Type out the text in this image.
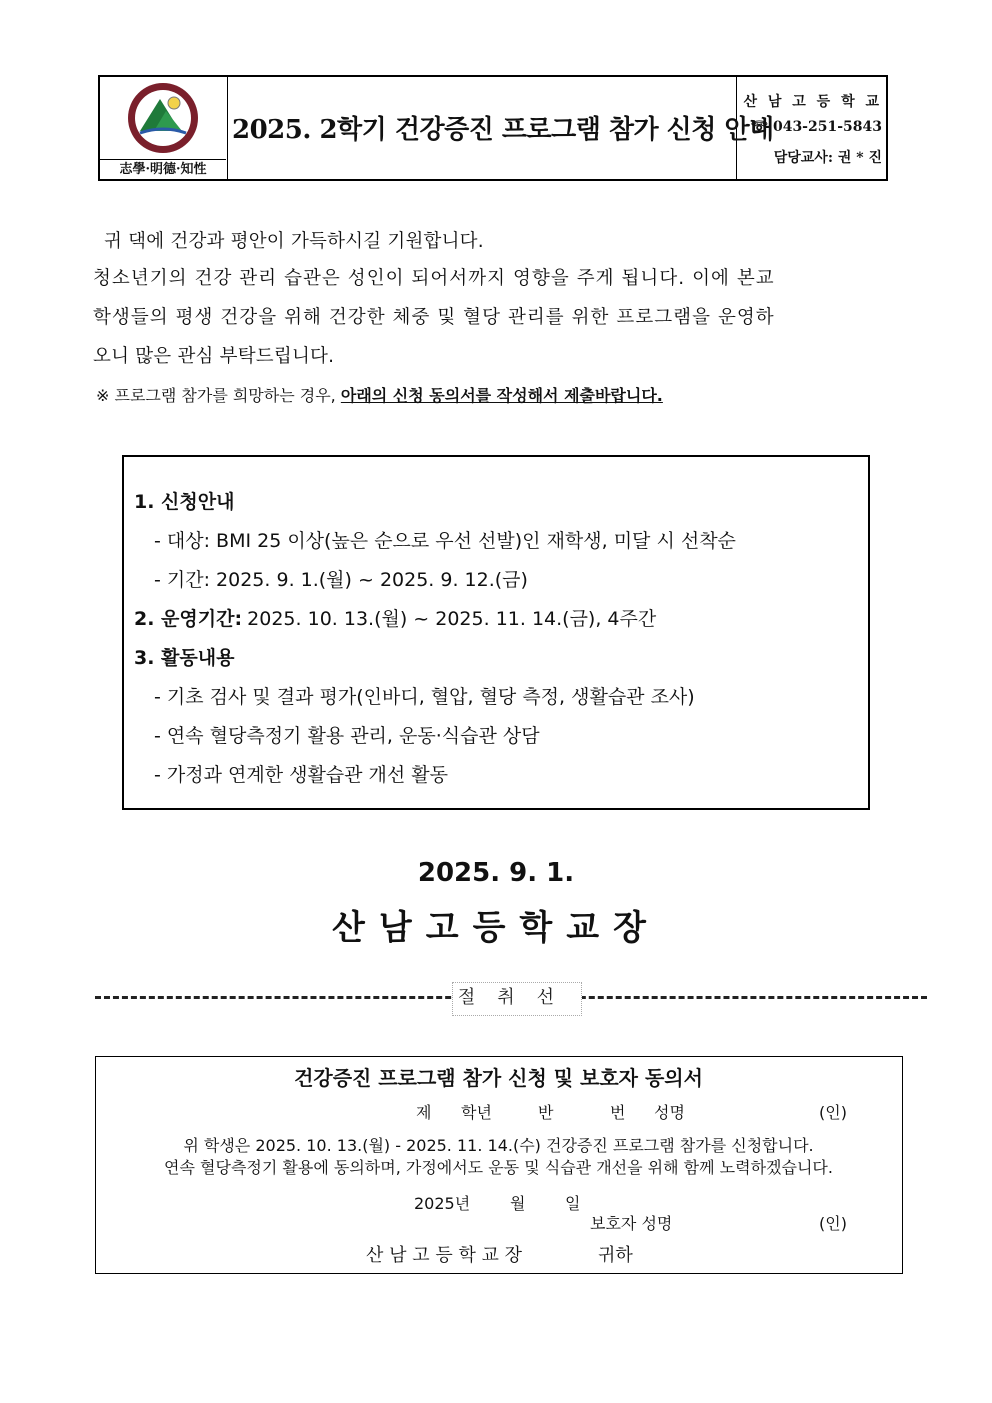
志學·明德·知性
2025. 2학기 건강증진 프로그램 참가 신청 안내
산 남 고 등 학 교
☏ 043-251-5843
담당교사: 권 * 진
귀 댁에 건강과 평안이 가득하시길 기원합니다.
청소년기의 건강 관리 습관은 성인이 되어서까지 영향을 주게 됩니다. 이에 본교
학생들의 평생 건강을 위해 건강한 체중 및 혈당 관리를 위한 프로그램을 운영하
오니 많은 관심 부탁드립니다.
※ 프로그램 참가를 희망하는 경우, 아래의 신청 동의서를 작성해서 제출바랍니다.
1. 신청안내
- 대상: BMI 25 이상(높은 순으로 우선 선발)인 재학생, 미달 시 선착순
- 기간: 2025. 9. 1.(월) ~ 2025. 9. 12.(금)
2. 운영기간: 2025. 10. 13.(월) ~ 2025. 11. 14.(금), 4주간
3. 활동내용
- 기초 검사 및 결과 평가(인바디, 혈압, 혈당 측정, 생활습관 조사)
- 연속 혈당측정기 활용 관리, 운동·식습관 상담
- 가정과 연계한 생활습관 개선 활동
2025. 9. 1.
산남고등학교장
절취선
건강증진 프로그램 참가 신청 및 보호자 동의서
제 학년	반	번 성명	(인)
위 학생은 2025. 10. 13.(월) - 2025. 11. 14.(수) 건강증진 프로그램 참가를 신청합니다.
연속 혈당측정기 활용에 동의하며, 가정에서도 운동 및 식습관 개선을 위해 함께 노력하겠습니다.
2025년 월 일
보호자 성명	(인)
산 남 고 등 학 교 장	귀하
